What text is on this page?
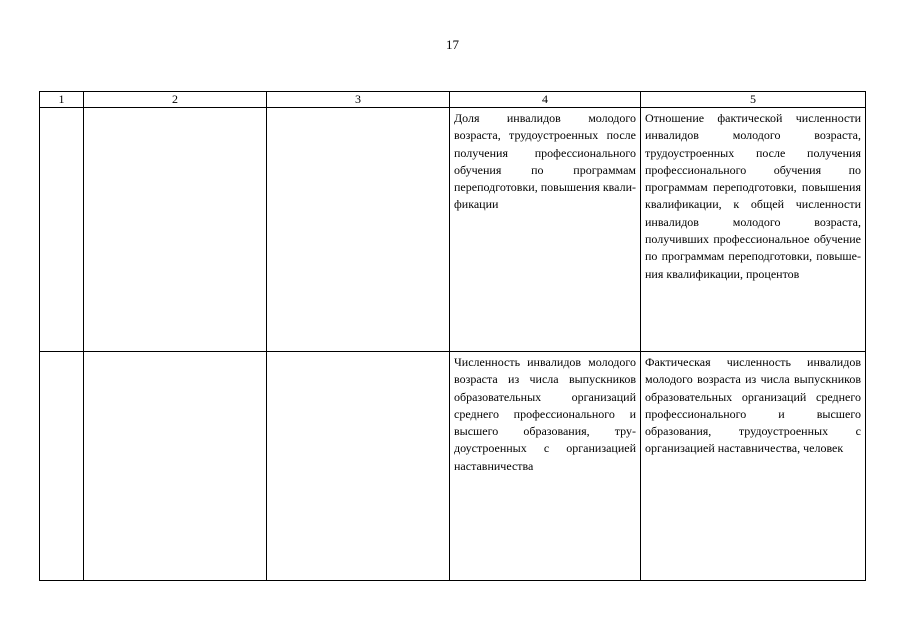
17
1	2	3	4	5

			Доля инвалидов молодого возраста, трудоустроенных после получения профессионального обучения по программам переподготовки, повышения квалификации	Отношение фактической численности инвалидов молодого возраста, трудоустроенных после получения профессионального обучения по программам переподготовки, повышения квалификации, к общей численности инвалидов молодого возраста, получивших профессиональное обучение по программам переподготовки, повышения квалификации, процентов

			Численность инвалидов молодого возраста из числа выпускников образовательных организаций среднего профессионального и высшего образования, трудоустроенных с организацией наставничества	Фактическая численность инвалидов молодого возраста из числа выпускников образовательных организаций среднего профессионального и высшего образования, трудоустроенных с организацией наставничества, человек
